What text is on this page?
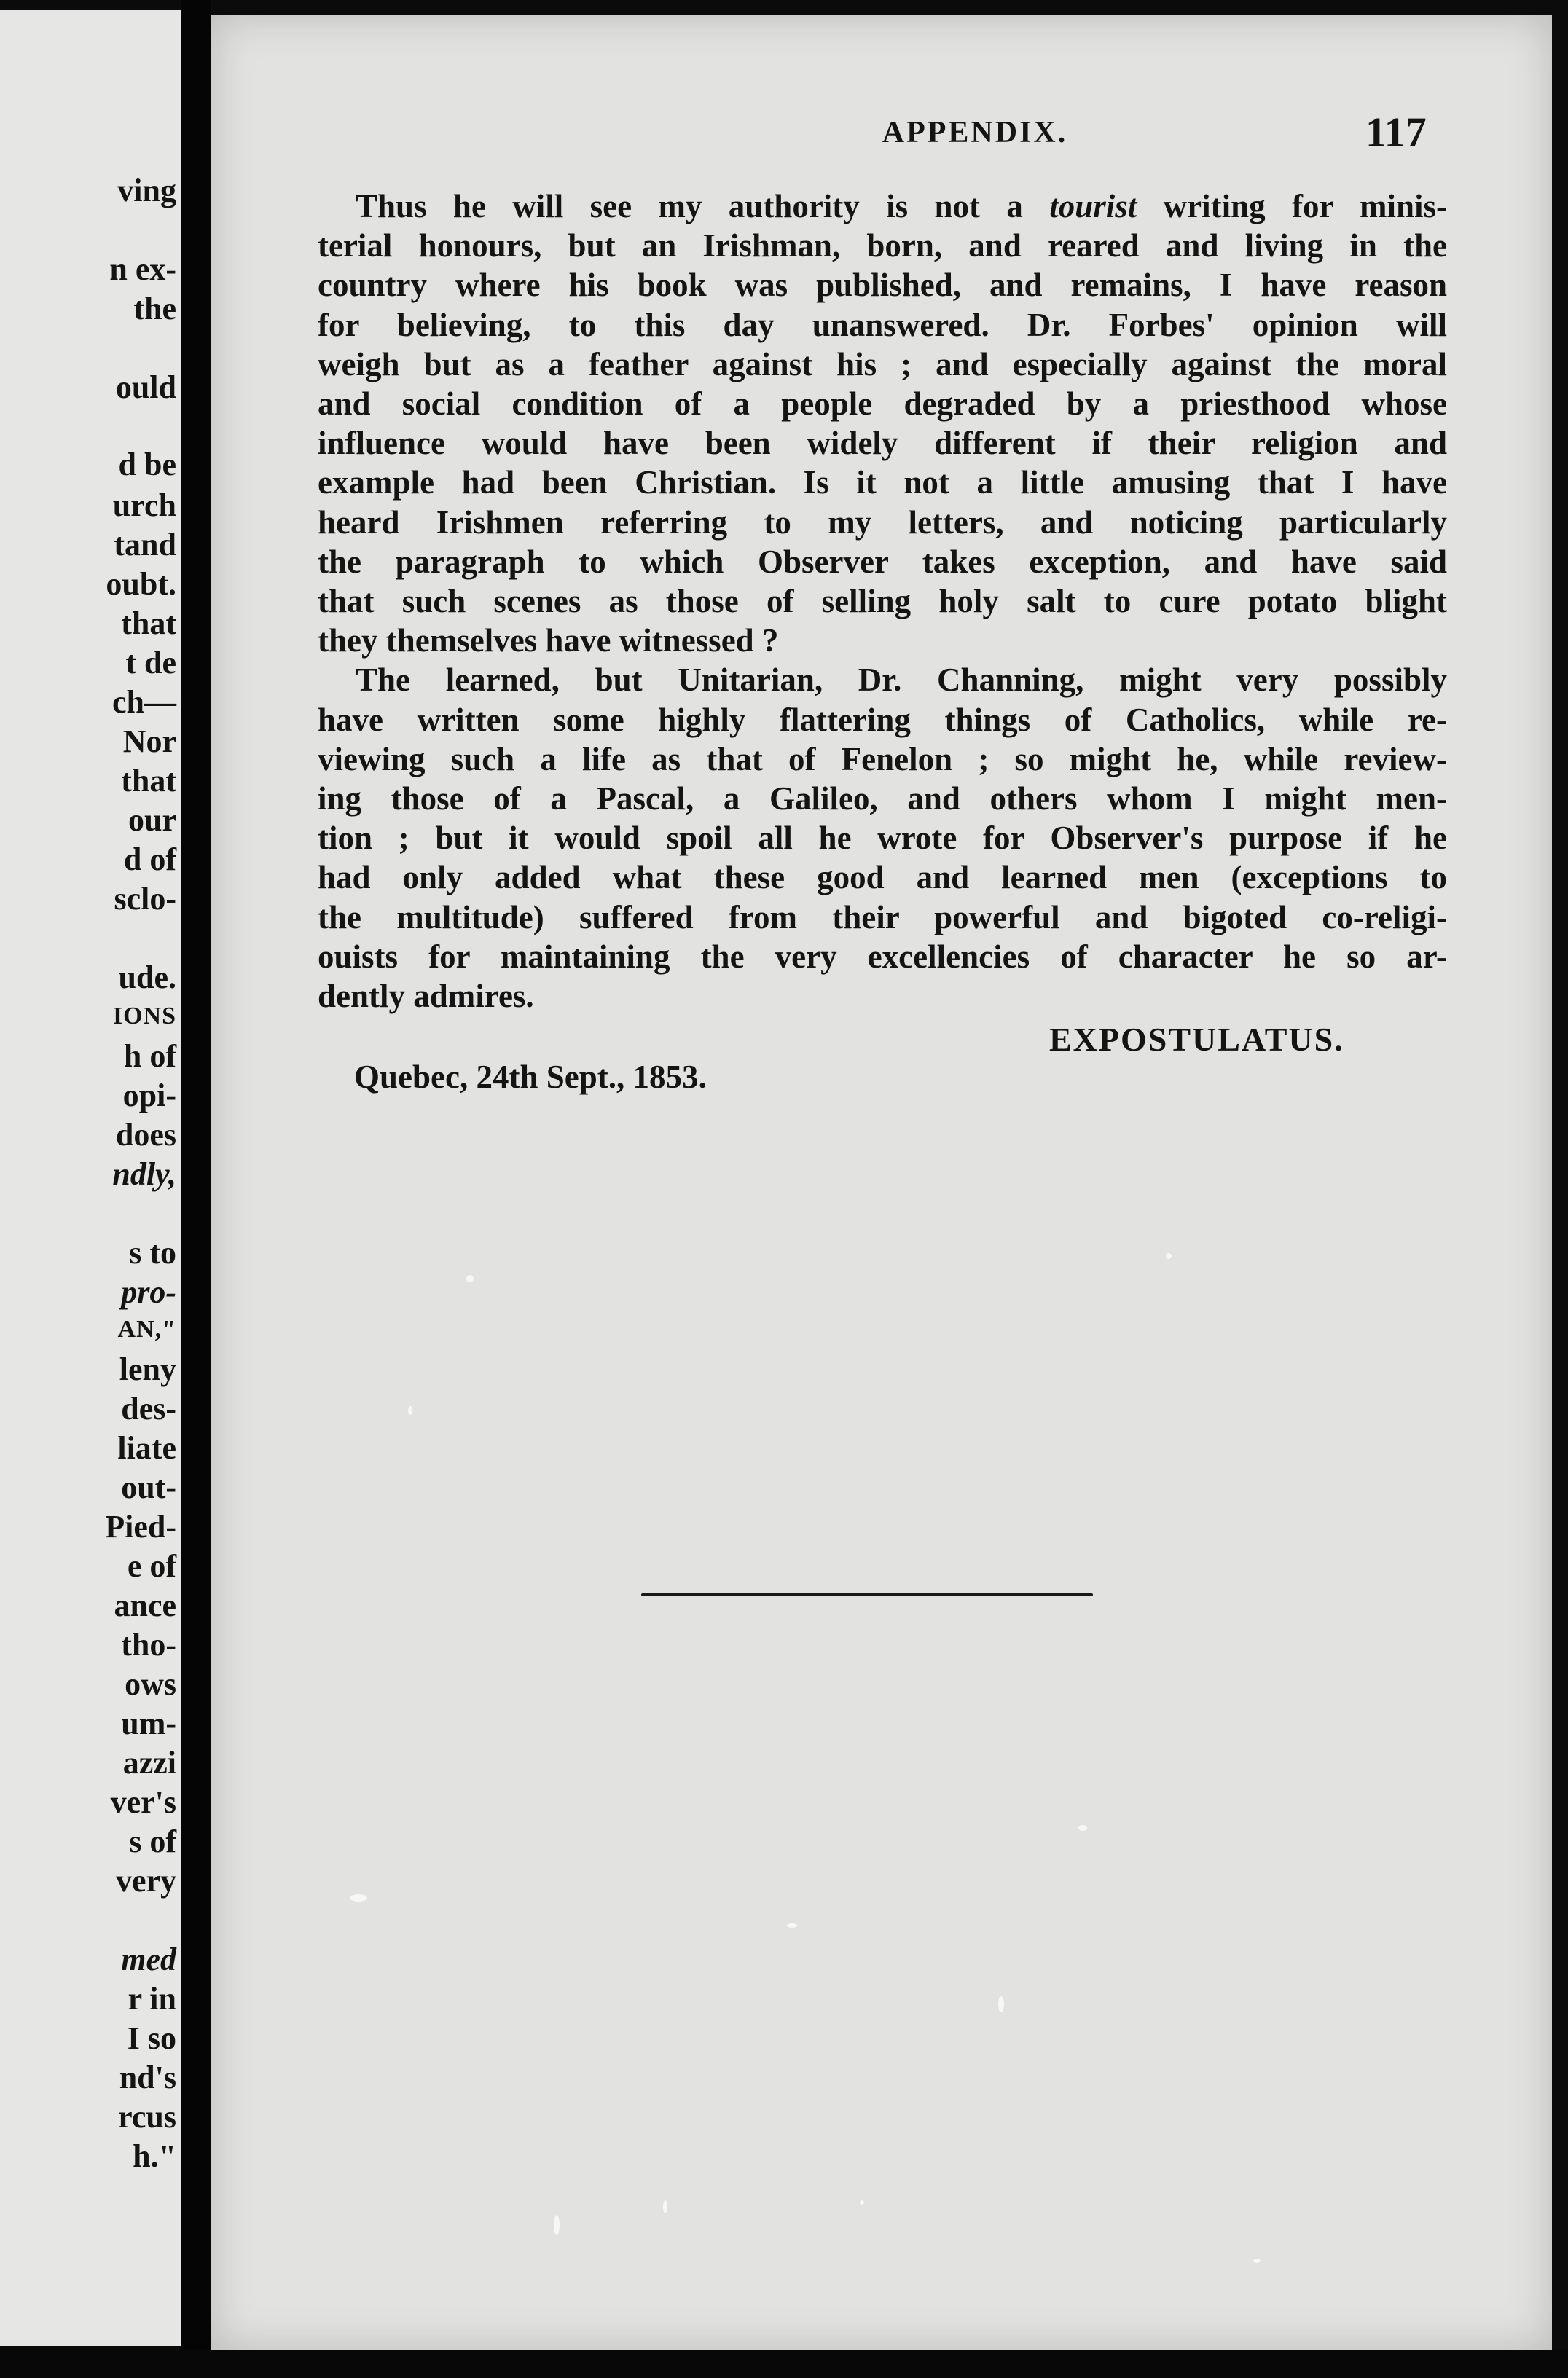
ving
n ex-
the
ould
d be
urch
tand
oubt.
that
t de
ch—
Nor
that
our
d of
sclo-
ude.
IONS
h of
opi-
does
ndly,
s to
pro-
AN,"
leny
des-
liate
out-
Pied-
e of
ance
tho-
ows
um-
azzi
ver's
s of
very
med
r in
I so
nd's
rcus
h."
APPENDIX.	117
Thus he will see my authority is not a tourist writing for minis-
terial honours, but an Irishman, born, and reared and living in the
country where his book was published, and remains, I have reason
for believing, to this day unanswered. Dr. Forbes' opinion will
weigh but as a feather against his ; and especially against the moral
and social condition of a people degraded by a priesthood whose
influence would have been widely different if their religion and
example had been Christian. Is it not a little amusing that I have
heard Irishmen referring to my letters, and noticing particularly
the paragraph to which Observer takes exception, and have said
that such scenes as those of selling holy salt to cure potato blight
they themselves have witnessed ?
The learned, but Unitarian, Dr. Channing, might very possibly
have written some highly flattering things of Catholics, while re-
viewing such a life as that of Fenelon ; so might he, while review-
ing those of a Pascal, a Galileo, and others whom I might men-
tion ; but it would spoil all he wrote for Observer's purpose if he
had only added what these good and learned men (exceptions to
the multitude) suffered from their powerful and bigoted co-religi-
ouists for maintaining the very excellencies of character he so ar-
dently admires.
EXPOSTULATUS.
Quebec, 24th Sept., 1853.
